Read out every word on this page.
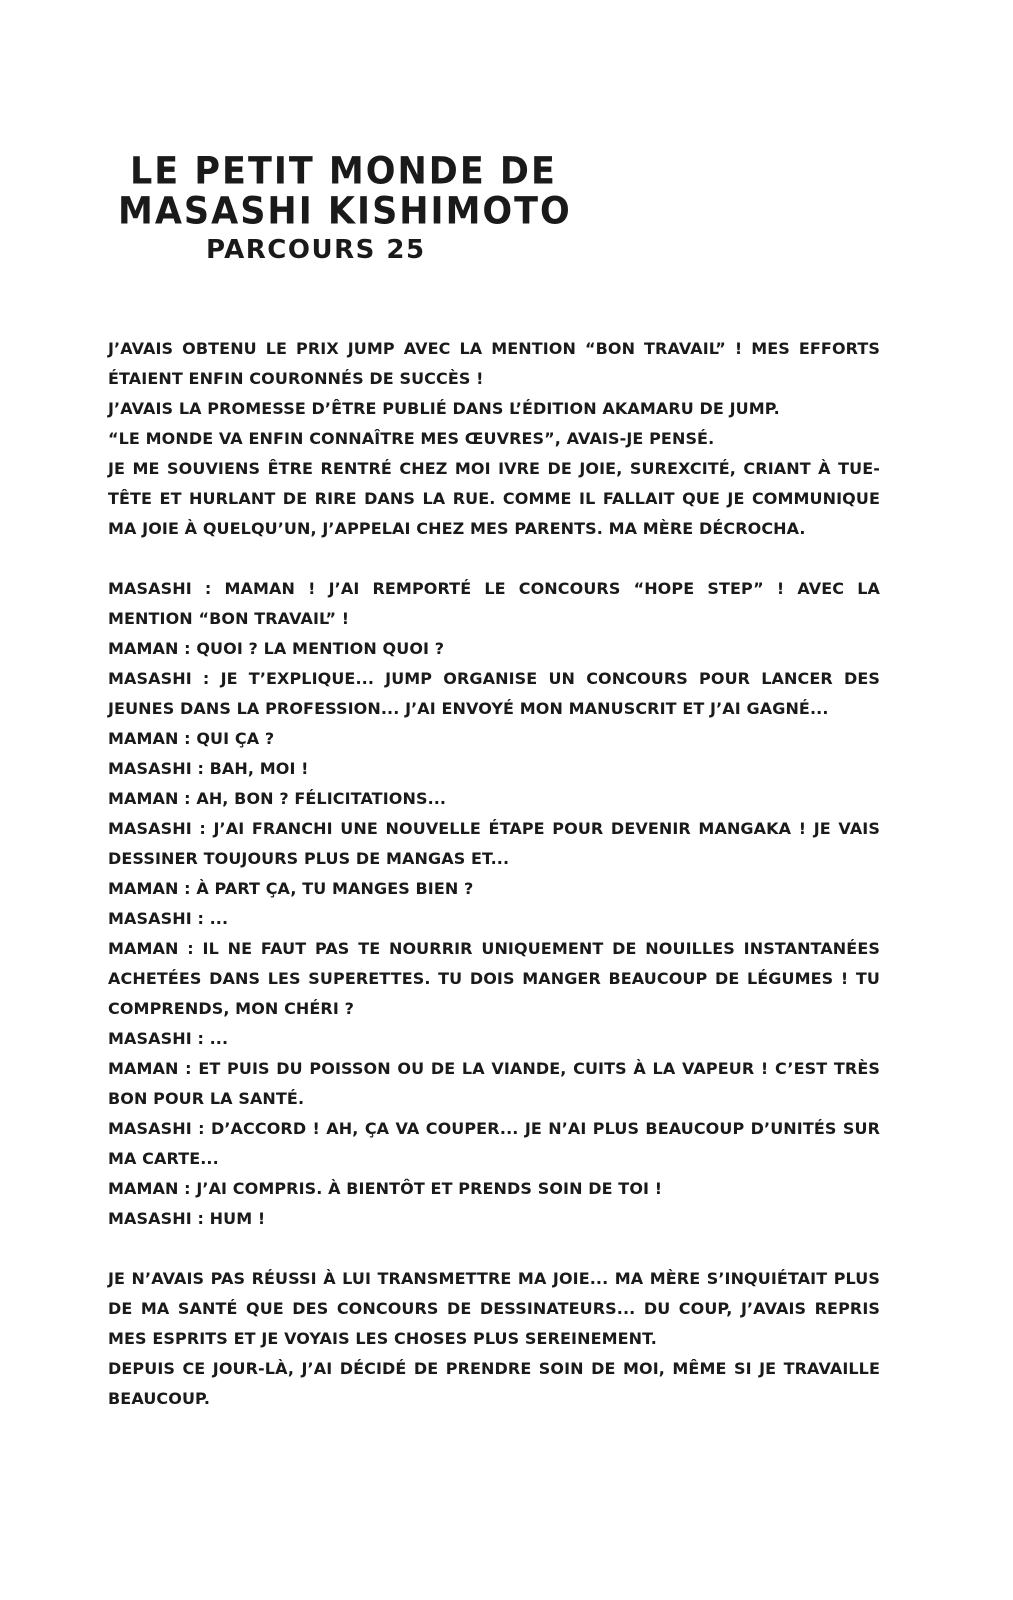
LE PETIT MONDE DE
MASASHI KISHIMOTO
PARCOURS 25

J’AVAIS OBTENU LE PRIX JUMP AVEC LA MENTION “BON TRAVAIL” ! MES EFFORTS ÉTAIENT ENFIN COURONNÉS DE SUCCÈS !

J’AVAIS LA PROMESSE D’ÊTRE PUBLIÉ DANS L’ÉDITION AKAMARU DE JUMP.

“LE MONDE VA ENFIN CONNAÎTRE MES ŒUVRES”, AVAIS-JE PENSÉ.

JE ME SOUVIENS ÊTRE RENTRÉ CHEZ MOI IVRE DE JOIE, SUREXCITÉ, CRIANT À TUE-TÊTE ET HURLANT DE RIRE DANS LA RUE. COMME IL FALLAIT QUE JE COMMUNIQUE MA JOIE À QUELQU’UN, J’APPELAI CHEZ MES PARENTS. MA MÈRE DÉCROCHA.

MASASHI : MAMAN ! J’AI REMPORTÉ LE CONCOURS “HOPE STEP” ! AVEC LA MENTION “BON TRAVAIL” !

MAMAN : QUOI ? LA MENTION QUOI ?

MASASHI : JE T’EXPLIQUE... JUMP ORGANISE UN CONCOURS POUR LANCER DES JEUNES DANS LA PROFESSION... J’AI ENVOYÉ MON MANUSCRIT ET J’AI GAGNÉ...

MAMAN : QUI ÇA ?

MASASHI : BAH, MOI !

MAMAN : AH, BON ? FÉLICITATIONS...

MASASHI : J’AI FRANCHI UNE NOUVELLE ÉTAPE POUR DEVENIR MANGAKA ! JE VAIS DESSINER TOUJOURS PLUS DE MANGAS ET...

MAMAN : À PART ÇA, TU MANGES BIEN ?

MASASHI : ...

MAMAN : IL NE FAUT PAS TE NOURRIR UNIQUEMENT DE NOUILLES INSTANTANÉES ACHETÉES DANS LES SUPERETTES. TU DOIS MANGER BEAUCOUP DE LÉGUMES ! TU COMPRENDS, MON CHÉRI ?

MASASHI : ...

MAMAN : ET PUIS DU POISSON OU DE LA VIANDE, CUITS À LA VAPEUR ! C’EST TRÈS BON POUR LA SANTÉ.

MASASHI : D’ACCORD ! AH, ÇA VA COUPER... JE N’AI PLUS BEAUCOUP D’UNITÉS SUR MA CARTE...

MAMAN : J’AI COMPRIS. À BIENTÔT ET PRENDS SOIN DE TOI !

MASASHI : HUM !

JE N’AVAIS PAS RÉUSSI À LUI TRANSMETTRE MA JOIE... MA MÈRE S’INQUIÉTAIT PLUS DE MA SANTÉ QUE DES CONCOURS DE DESSINATEURS... DU COUP, J’AVAIS REPRIS MES ESPRITS ET JE VOYAIS LES CHOSES PLUS SEREINEMENT.

DEPUIS CE JOUR-LÀ, J’AI DÉCIDÉ DE PRENDRE SOIN DE MOI, MÊME SI JE TRAVAILLE BEAUCOUP.
